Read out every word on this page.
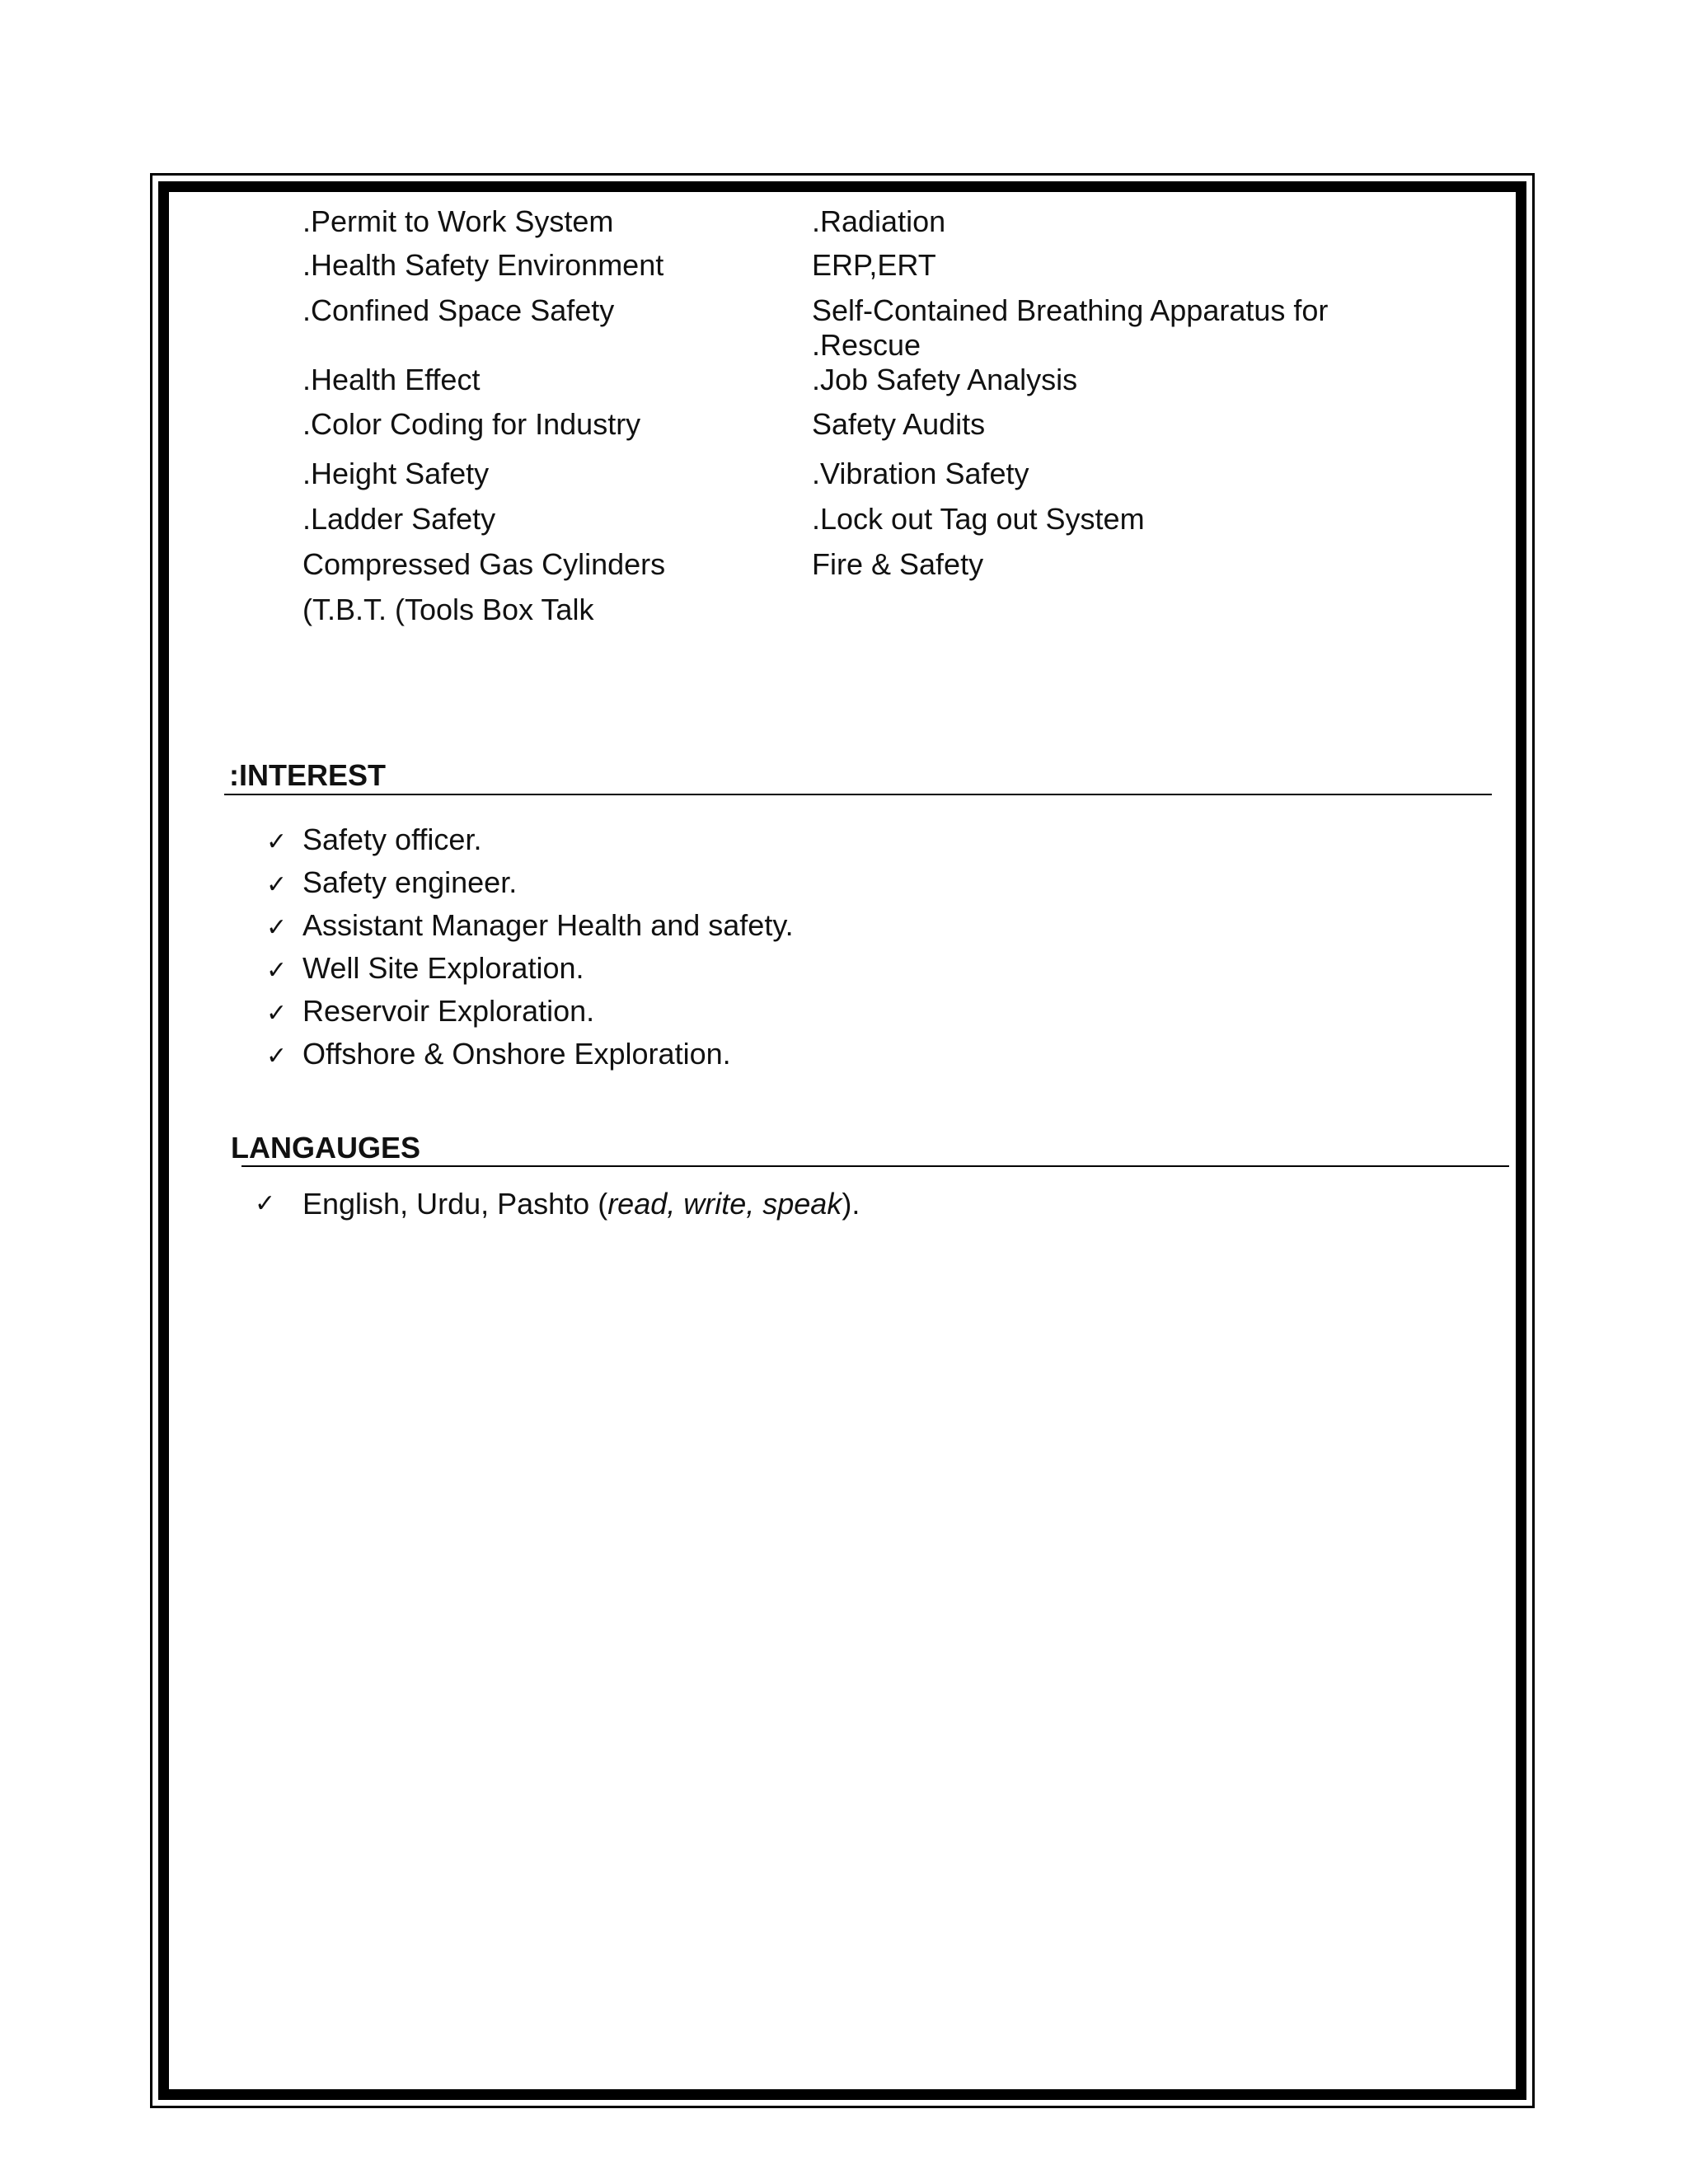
.Permit to Work System
.Health Safety Environment
.Confined Space Safety
.Health Effect
.Color Coding for Industry
.Height Safety
.Ladder Safety
Compressed Gas Cylinders
(T.B.T. (Tools Box Talk
.Radiation
ERP,ERT
Self-Contained Breathing Apparatus for .Rescue
.Job Safety Analysis
Safety Audits
.Vibration Safety
.Lock out Tag out System
Fire & Safety
:INTEREST
✓ Safety officer.
✓ Safety engineer.
✓ Assistant Manager Health and safety.
✓ Well Site Exploration.
✓ Reservoir Exploration.
✓ Offshore & Onshore Exploration.
LANGAUGES
✓ English, Urdu, Pashto (read, write, speak).
